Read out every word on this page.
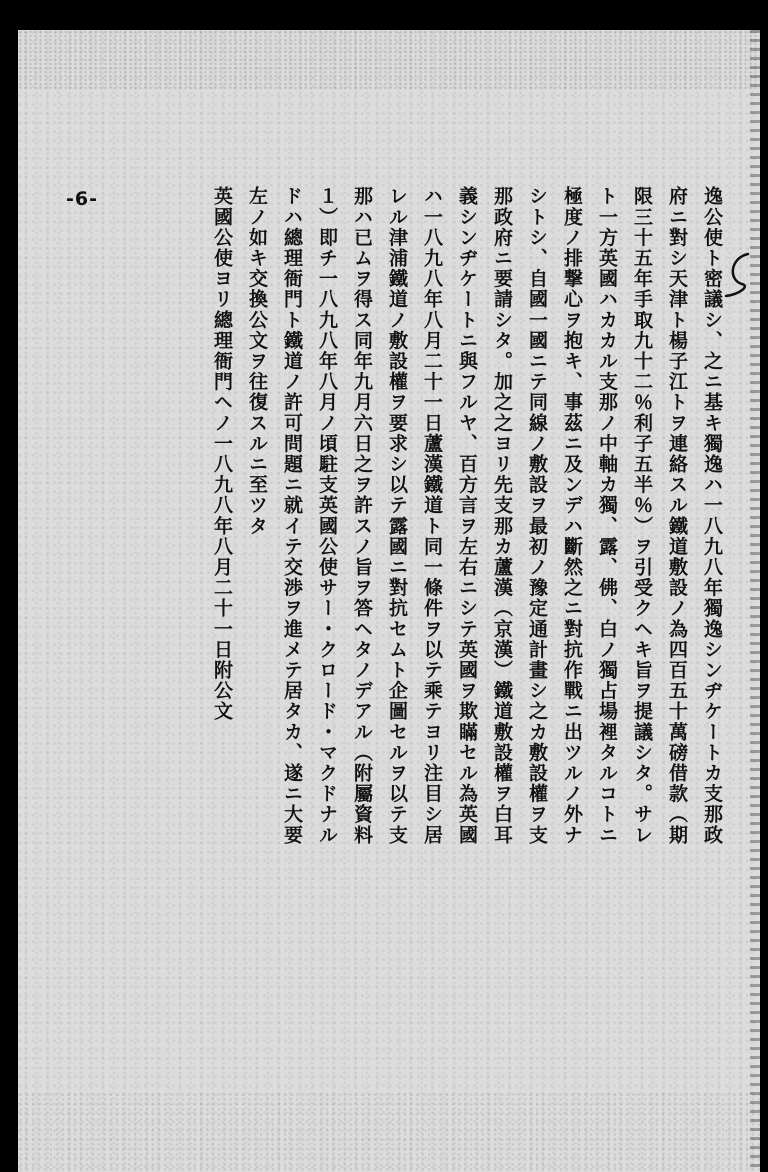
-6-	逸公使ト密議シ、之ニ基キ獨逸ハ一八九八年獨逸シンヂケートカ支那政
府ニ對シ天津ト楊子江トヲ連絡スル鐵道敷設ノ為四百五十萬磅借款（期
限三十五年手取九十二％利子五半％）ヲ引受クヘキ旨ヲ提議シタ。サレ
ト一方英國ハカカル支那ノ中軸カ獨、露、佛、白ノ獨占場裡タルコトニ
極度ノ排撃心ヲ抱キ、事茲ニ及ンデハ斷然之ニ對抗作戰ニ出ツルノ外ナ
シトシ、自國一國ニテ同線ノ敷設ヲ最初ノ豫定通計畫シ之カ敷設權ヲ支
那政府ニ要請シタ。加之之ヨリ先支那カ蘆漢（京漢）鐵道敷設權ヲ白耳
義シンヂケートニ與フルヤ、百方言ヲ左右ニシテ英國ヲ欺瞞セル為英國
ハ一八九八年八月二十一日蘆漢鐵道ト同一條件ヲ以テ乘テヨリ注目シ居
レル津浦鐵道ノ敷設權ヲ要求シ以テ露國ニ對抗セムト企圖セルヲ以テ支
那ハ已ムヲ得ス同年九月六日之ヲ許スノ旨ヲ答ヘタノデアル（附屬資料
１）即チ一八九八年八月ノ頃駐支英國公使サー・クロード・マクドナル
ドハ總理衙門ト鐵道ノ許可問題ニ就イテ交渉ヲ進メテ居タカ、遂ニ大要
左ノ如キ交換公文ヲ往復スルニ至ツタ
英國公使ヨリ總理衙門ヘノ一八九八年八月二十一日附公文
